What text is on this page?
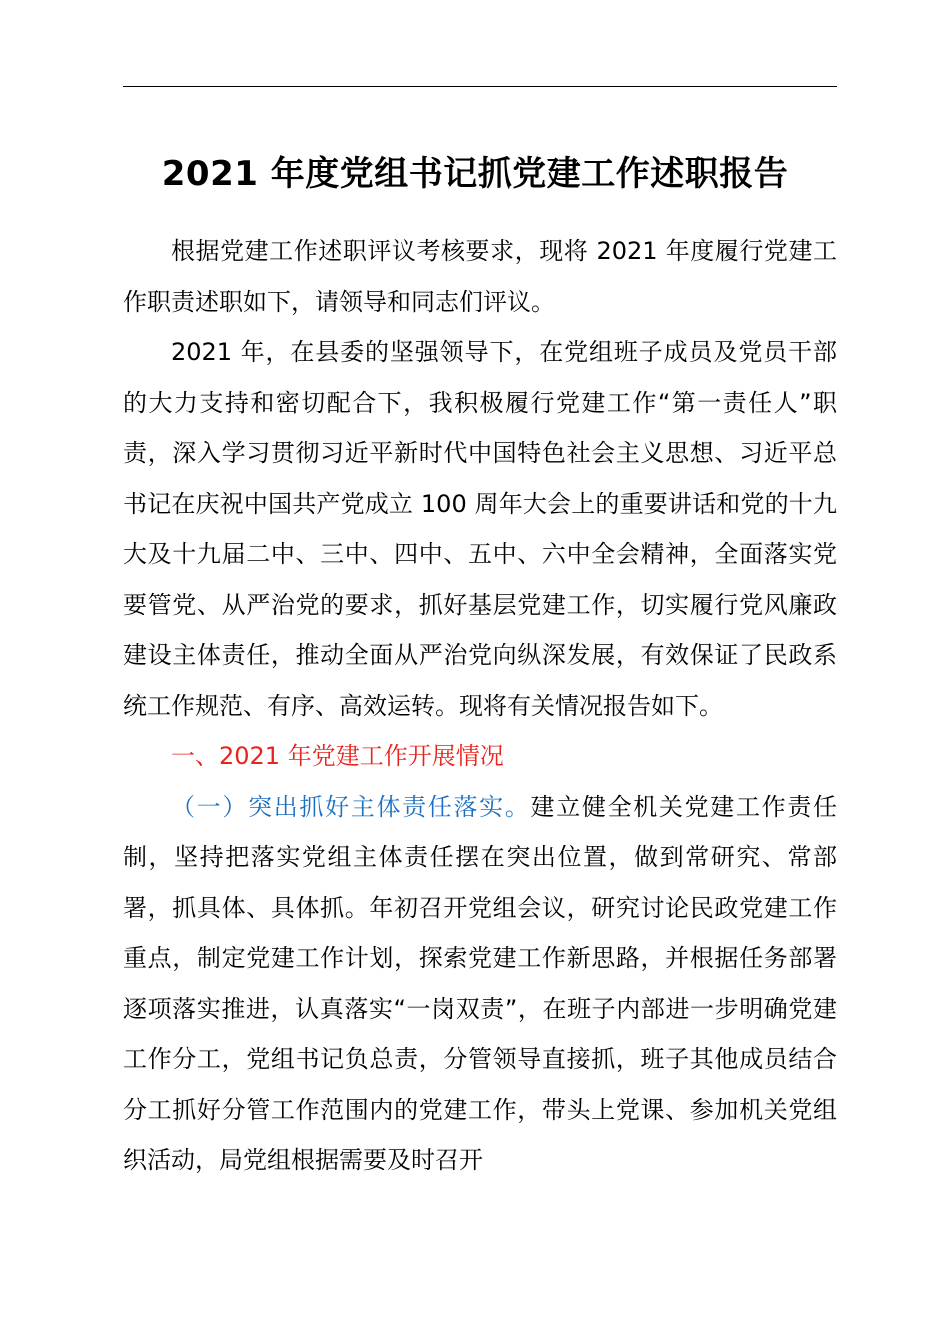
2021 年度党组书记抓党建工作述职报告

根据党建工作述职评议考核要求，现将 2021 年度履行党建工作职责述职如下，请领导和同志们评议。

2021 年，在县委的坚强领导下，在党组班子成员及党员干部的大力支持和密切配合下，我积极履行党建工作“第一责任人”职责，深入学习贯彻习近平新时代中国特色社会主义思想、习近平总书记在庆祝中国共产党成立 100 周年大会上的重要讲话和党的十九大及十九届二中、三中、四中、五中、六中全会精神，全面落实党要管党、从严治党的要求，抓好基层党建工作，切实履行党风廉政建设主体责任，推动全面从严治党向纵深发展，有效保证了民政系统工作规范、有序、高效运转。现将有关情况报告如下。

一、2021 年党建工作开展情况

（一）突出抓好主体责任落实。建立健全机关党建工作责任制，坚持把落实党组主体责任摆在突出位置，做到常研究、常部署，抓具体、具体抓。年初召开党组会议，研究讨论民政党建工作重点，制定党建工作计划，探索党建工作新思路，并根据任务部署逐项落实推进，认真落实“一岗双责”，在班子内部进一步明确党建工作分工，党组书记负总责，分管领导直接抓，班子其他成员结合分工抓好分管工作范围内的党建工作，带头上党课、参加机关党组织活动，局党组根据需要及时召开
